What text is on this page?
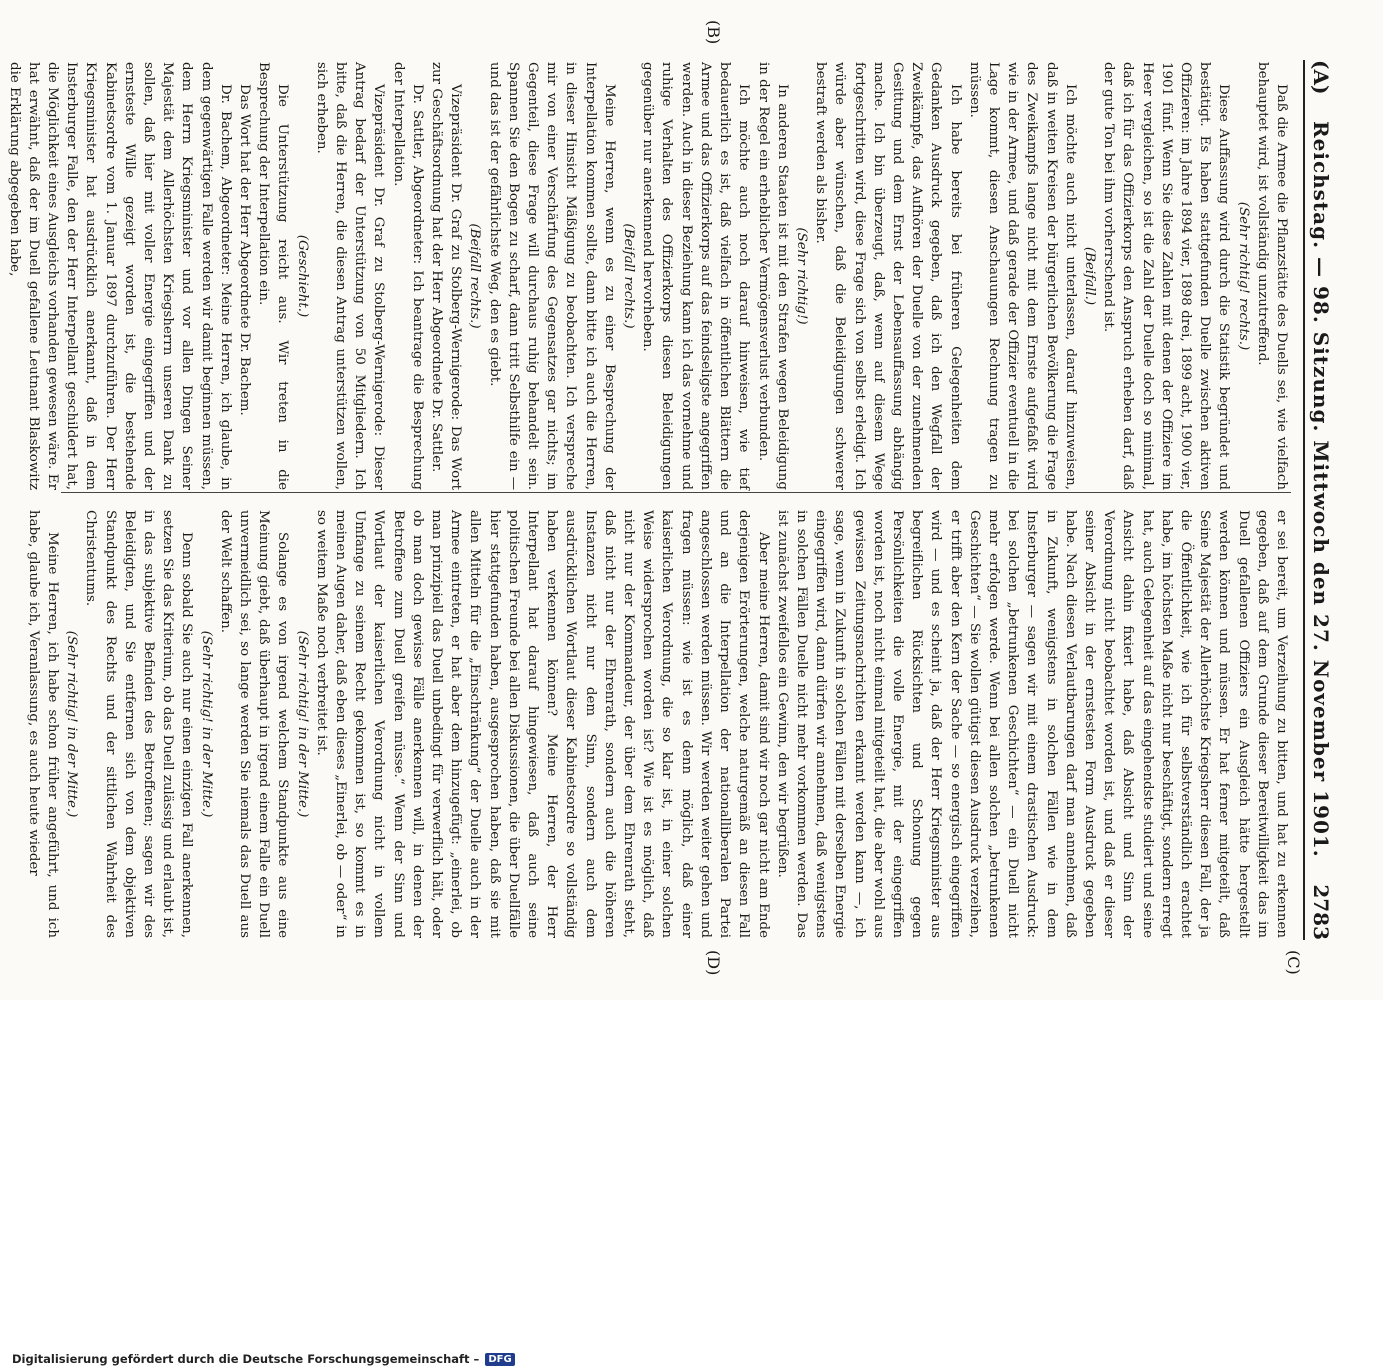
(A)
Reichstag. — 98. Sitzung. Mittwoch den 27. November 1901.
2783
(C)
(B)
(D)

Daß die Armee die Pflanzstätte des Duells sei, wie vielfach behauptet wird, ist vollständig unzutreffend.

(Sehr richtig! rechts.)

Diese Auffassung wird durch die Statistik begründet und bestätigt. Es haben stattgefunden Duelle zwischen aktiven Offizieren: im Jahre 1894 vier, 1898 drei, 1899 acht, 1900 vier, 1901 fünf. Wenn Sie diese Zahlen mit denen der Offiziere im Heer vergleichen, so ist die Zahl der Duelle doch so minimal, daß ich für das Offizierkorps den Anspruch erheben darf, daß der gute Ton bei ihm vorherrschend ist.

(Beifall.)

Ich möchte auch nicht unterlassen, darauf hinzuweisen, daß in weiten Kreisen der bürgerlichen Bevölkerung die Frage des Zweikampfs lange nicht mit dem Ernste aufgefaßt wird wie in der Armee, und daß gerade der Offizier eventuell in die Lage kommt, diesen Anschauungen Rechnung tragen zu müssen.

Ich habe bereits bei früheren Gelegenheiten dem Gedanken Ausdruck gegeben, daß ich den Wegfall der Zweikämpfe, das Aufhören der Duelle von der zunehmenden Gesittung und dem Ernst der Lebensauffassung abhängig mache. Ich bin überzeugt, daß, wenn auf diesem Wege fortgeschritten wird, diese Frage sich von selbst erledigt. Ich würde aber wünschen, daß die Beleidigungen schwerer bestraft werden als bisher.

(Sehr richtig!)

In anderen Staaten ist mit den Strafen wegen Beleidigung in der Regel ein erheblicher Vermögensverlust verbunden.

Ich möchte auch noch darauf hinweisen, wie tief bedauerlich es ist, daß vielfach in öffentlichen Blättern die Armee und das Offizierkorps auf das feindseligste angegriffen werden. Auch in dieser Beziehung kann ich das vornehme und ruhige Verhalten des Offizierkorps diesen Beleidigungen gegenüber nur anerkennend hervorheben.

(Beifall rechts.)

Meine Herren, wenn es zu einer Besprechung der Interpellation kommen sollte, dann bitte ich auch die Herren, in dieser Hinsicht Mäßigung zu beobachten. Ich verspreche mir von einer Verschärfung des Gegensatzes gar nichts; im Gegenteil, diese Frage will durchaus ruhig behandelt sein. Spannen Sie den Bogen zu scharf, dann tritt Selbsthilfe ein — und das ist der gefährlichste Weg, den es giebt.

(Beifall rechts.)

Vizepräsident Dr. Graf zu Stolberg-Wernigerode: Das Wort zur Geschäftsordnung hat der Herr Abgeordnete Dr. Sattler.

Dr. Sattler, Abgeordneter: Ich beantrage die Besprechung der Interpellation.

Vizepräsident Dr. Graf zu Stolberg-Wernigerode: Dieser Antrag bedarf der Unterstützung von 50 Mitgliedern. Ich bitte, daß die Herren, die diesen Antrag unterstützen wollen, sich erheben.

(Geschieht.)

Die Unterstützung reicht aus. Wir treten in die Besprechung der Interpellation ein.

Das Wort hat der Herr Abgeordnete Dr. Bachem.

Dr. Bachem, Abgeordneter: Meine Herren, ich glaube, in dem gegenwärtigen Falle werden wir damit beginnen müssen, dem Herrn Kriegsminister und vor allen Dingen Seiner Majestät dem Allerhöchsten Kriegsherrn unseren Dank zu sollen, daß hier mit voller Energie eingegriffen und der ernsteste Wille gezeigt worden ist, die bestehende Kabinetsordre vom 1. Januar 1897 durchzuführen. Der Herr Kriegsminister hat ausdrücklich anerkannt, daß in dem Insterburger Falle, den der Herr Interpellant geschildert hat, die Möglichkeit eines Ausgleichs vorhanden gewesen wäre. Er hat erwähnt, daß der im Duell gefallene Leutnant Blaskowitz die Erklärung abgegeben habe,

er sei bereit, um Verzeihung zu bitten, und hat zu erkennen gegeben, daß auf dem Grunde dieser Bereitwilligkeit das im Duell gefallenen Offiziers ein Ausgleich hätte hergestellt werden können und müssen. Er hat ferner mitgeteilt, daß Seine Majestät der Allerhöchste Kriegsherr diesen Fall, der ja die Öffentlichkeit, wie ich für selbstverständlich erachtet habe, im höchsten Maße nicht nur beschäftigt, sondern erregt hat, auch Gelegenheit auf das eingehendste studiert und seine Ansicht dahin fixiert habe, daß Absicht und Sinn der Verordnung nicht beobachtet worden ist, und daß er dieser seiner Absicht in der ernstesten Form Ausdruck gegeben habe. Nach diesen Verlautbarungen darf man annehmen, daß in Zukunft, wenigstens in solchen Fällen wie in dem Insterburger — sagen wir mit einem drastischen Ausdruck: bei solchen „betrunkenen Geschichten“ — ein Duell nicht mehr erfolgen werde. Wenn bei allen solchen „betrunkenen Geschichten“ — Sie wollen gütigst diesen Ausdruck verzeihen, er trifft aber den Kern der Sache — so energisch eingegriffen wird — und es scheint ja, daß der Herr Kriegsminister aus begreiflichen Rücksichten und Schonung gegen Persönlichkeiten die volle Energie, mit der eingegriffen worden ist, noch nicht einmal mitgeteilt hat, die aber wohl aus gewissen Zeitungsnachrichten erkannt werden kann —, ich sage, wenn in Zukunft in solchen Fällen mit derselben Energie eingegriffen wird, dann dürfen wir annehmen, daß wenigstens in solchen Fällen Duelle nicht mehr vorkommen werden. Das ist zunächst zweifellos ein Gewinn, den wir begrüßen.

Aber meine Herren, damit sind wir noch gar nicht am Ende derjenigen Erörterungen, welche naturgemäß an diesen Fall und an die Interpellation der nationalliberalen Partei angeschlossen werden müssen. Wir werden weiter gehen und fragen müssen: wie ist es denn möglich, daß einer kaiserlichen Verordnung, die so klar ist, in einer solchen Weise widersprochen worden ist? Wie ist es möglich, daß nicht nur der Kommandeur, der über dem Ehrenrath steht, daß nicht nur der Ehrenrath, sondern auch die höheren Instanzen nicht nur dem Sinn, sondern auch dem ausdrücklichen Wortlaut dieser Kabinetsordre so vollständig haben verkennen können? Meine Herren, der Herr Interpellant hat darauf hingewiesen, daß auch seine politischen Freunde bei allen Diskussionen, die über Duellfälle hier stattgefunden haben, ausgesprochen haben, daß sie mit allen Mitteln für die „Einschränkung“ der Duelle auch in der Armee eintreten, er hat aber dem hinzugefügt: „einerlei, ob man prinzipiell das Duell unbedingt für verwerflich hält, oder ob man doch gewisse Fälle anerkennen will, in denen der Betroffene zum Duell greifen müsse.“ Wenn der Sinn und Wortlaut der kaiserlichen Verordnung nicht in vollem Umfange zu seinem Recht gekommen ist, so kommt es in meinen Augen daher, daß eben dieses „Einerlei, ob — oder“ in so weitem Maße noch verbreitet ist.

(Sehr richtig! in der Mitte.)

Solange es von irgend welchem Standpunkte aus eine Meinung giebt, daß überhaupt in irgend einem Falle ein Duell unvermeidlich sei, so lange werden Sie niemals das Duell aus der Welt schaffen.

(Sehr richtig! in der Mitte.)

Denn sobald Sie auch nur einen einzigen Fall anerkennen, setzen Sie das Kriterium, ob das Duell zulässig und erlaubt ist, in das subjektive Befinden des Betroffenen; sagen wir des Beleidigten, und Sie entfernen sich von dem objektiven Standpunkt des Rechts und der sittlichen Wahrheit des Christentums.

(Sehr richtig! in der Mitte.)

Meine Herren, ich habe schon früher angeführt, und ich habe, glaube ich, Veranlassung, es auch heute wieder

Digitalisierung gefördert durch die Deutsche Forschungsgemeinschaft – DFG
